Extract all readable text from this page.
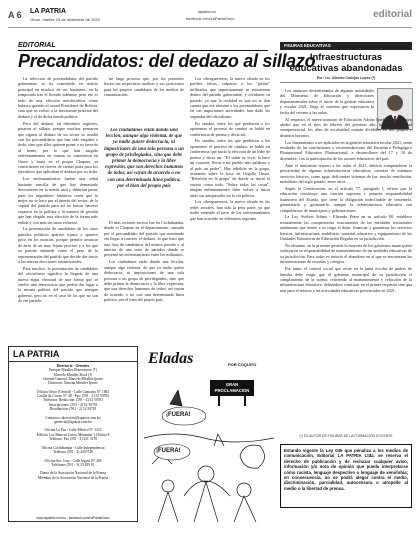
A 6 LA PATRIA
Oruro, martes 15 de diciembre de 2020
lapatria.bo
facebook.com/LaPatriaOruro	editorial
EDITORIAL
Precandidatos: del dedazo al sillazo

La selección de precandidatos del partido gobernante, se ha convertido en noticia principal en muchos de sus bastiones, en la temporada tras el llevado adelante, pero ese es todo de una elección meritocrática cómo hubiera querido el actual Presidente de Bolivia, sino que se volvió a la inexistente práctica del dedazo y el de dicha tienda política.

Pero del dedazo, en diferentes regiones, pasaron al sillazo, porque muchos pensaron que siguen al dedazo de un sector se acudió con los precandidatos que han sido elegidos a dedo, sino que ellos quieren poner a su favorito al frente, por lo que han surgido enfrentamientos en cuanto se conocieron en Oruro y hasta en el propio Chapare, se convirtieron en cierres de ciertas pista para los ejecutivos que aplicaban el dedazo por su ficha.

Los enfrentamientos fueron una señal bastante sencilla de que hay demasiado descontento en la tienda azul y deberían pasar, pues los seguidores fanáticos creen que lo mejor no se hace por el interés del sector, de la capital del partido para así no buscar hacerse espacios en la política y la manera de gestión que han elegido esta elección de la forma más reñida y con más sin tanto esfuerzo.

La presentación de candidatos de los otros partidos políticos aparece trunca y aparece poco en los noticias, porque permite arrancar de atrás de un muy lejano proceso y a los que su partido entiende como el peso de la representación del partido que decide dar inicio a las nuevas elecciones subnacionales.

Para muchos, la presentación de candidatos del oficialismo significa la llegada de una nueva etapa electoral de una forma que se vuelve una democracia que podría dar lugar a la misma política del partido que siempre gobernó, pero no en el caso de los que no son de ese partido.

un largo proceso que, por los presentes hacen sus respectivos análisis y sus posiciones para los propios candidatos de los medios de comunicación.

Los ciudadanos están dando una lección, aunque algo violenta, de que ya nadie quiere dedocracia, ni imposiciones de una sola persona o un grupo de privilegiados, sino que debe primar la democracia y la libre expresión, que son derechos humanos de todos, así vayan de acuerdo o no con una determinada línea política, por el bien del propio país

El más reciente suceso fue en Cochabamba, donde el Chapare en el departamento, causado por el precandidato del partido que nominado sin llegar a conocer el dedazo, lo que hizo que una lista de candidatos del mismo partido y al interior de una serie de partidos donde se presentó un enfrentamiento entre los militantes.

Los ciudadanos están dando una lección, aunque algo violenta, de que ya nadie quiere dedocracia, ni imposiciones de una sola persona o un grupo de privilegiados, sino que debe primar la democracia y la libre expresión, que son derechos humanos de todos, así vayan de acuerdo o no con una determinada línea política, por el bien del propio país.

Los ciberguerreros, la nueva oleada en los perfiles falsos, culparon a los "pititas" infiltrados que supuestamente se encuentran dentro del partido gobernante, y olvidaron su pasado, ya que la realidad es que no se dan cuenta que ese término a los precandidatos que en sus importantes actividades han dado las segundas del oficialismo.

En cambio, entre los que perdieron a los oponentes el proceso de cambio se habló en conferencia de prensa y decía así.

En cambio, entre los que perdieron a los oponentes el proceso de cambio, se habló en conferencia que hacía la elección de un líder de prensa y decía así: "El soñar es vivir, la hace mi corazón, llevar a mi pueblo mis palabras y al país un poder". Hay rebelión en la grupa, acusando sobre la base de Orgullo Oruro, "Rebelión en la grupa" de donde se inició el suceso como todo, "Sobre todas las cosas", ningún enfrentamiento debe volver a mirar atrás sus antepasados en la vía política.

Los ciberguerreros, la nueva oleada en las redes sociales, han sido la peor parte, ya que nadie entiende el peso de los enfrentamientos que han ocurrido en diferentes regiones.

FIGURAS EDUCATIVAS
Infraestructuras educativas abandonadas
Por: Lic. Alberto Callejas López (*)

Los anuncios desenfrenados de algunas autoridades del Ministerio de Educación y direcciones departamentales sobre el inicio de la gestión educativa y escolar 2021, llega al extremo que expresaron la fecha del retorno a las aulas.

Al respecto, el nuevo ministro de Educación Adrián Quelca Tarqui, quien aludió que en el mes de febrero del próximo año, hay la posibilidad semipresencial, los años de escolaridad estarán divididos en dos grupos y distintos horarios.

Los lineamientos a ser aplicados en la gestión educativa escolar 2021, serán resultado de las conclusiones y recomendaciones del Encuentro Pedagógico Plurinacional Educativo Plurinacional, a desarrollarse del 17 y 18 de diciembre, con la participación de los actores educativos del país.

Ante el inminente retorno a las aulas el 2021, debería comprenderse la precariedad de algunas infraestructuras educativas, carentes de mínimos servicios básicos, como agua, deficientes sistemas de luz, mucha ventilación, mobiliario del siglo pasado, entre otros.

Según la Constitución, en el artículo 77, parágrafo I, refiere que la educación constituye una función suprema y primera responsabilidad financiera del Estado, que tiene la obligación indeclinable de sostenerla, garantizarla y gestionarla, aunque la infraestructura educativa son competencias de municipios y gobernaciones.

La Ley Avelino Siñani - Elizardo Pérez en su artículo 80, establece textualmente las competencias concurrentes de las entidades territoriales autónomas que tienen a su cargo el dotar, financiar y garantizar los servicios básicos, infraestructura, mobiliario, material educativo y equipamiento de las Unidades Educativas de Educación Regular en su jurisdicción.

No obstante, en la presente gestión la mayoría de los gobiernos municipales soslayaron su responsabilidad de mantenimiento de las unidades educativas de su jurisdicción. Para todos es notorio el abandono en el que se encuentran las infraestructuras de escuelas y colegios.

Por tanto, el control social que recae en la junta escolar de padres de familia debe exigir que el gobierno municipal de su jurisdicción el cumplimiento de la norma, refiriendo al mantenimiento y refacción de la infraestructura educativa, debiéndose constituir en el primer requisito sine qua non para el retorno a las actividades educativas presenciales en 2021.

(*) ES AUTOR DE FIGURAS DE LA FORMACIÓN DOCENTE
Estando vigente la Ley 045 que penaliza a los medios de comunicación, Editorial LA PATRIA Ltda. se reserva el derecho de publicación y de rechazar cualquier aviso, información y/o nota de opinión que pueda interpretarse como racista, lenguaje despectivo o lenguaje de xenofobia; en consecuencia, no se podrá alegar contra el medio, discriminación, parcialidad, autocensura o atropello al medio o la libertad de prensa.
LA PATRIA
Directorio - Gerentes
Enrique Miralles Bonecarrere (†)
Marcelo Miralles Bová (†)
Gerente General: Marcelo Miralles Iporre
Directora: Ximena Miralles Iporre

Oficina Oruro (Central) - Calle Camacho N° 1892
Casilla de Correo N° 48 - Fax: (591 - 2) 52 50782
Teléfonos: Redacción: (591 - 2) 52 50781
Suscripciones: (591 - 2) 52 50781
Distribución: (591 - 2) 52 50781

Contactos: direccion@lapatria.com.bo
gerencia@lapatria.com.bo

Oficina La Paz - Calle México N° 1433
Edificio Los Blancos Lirios, Mezanine 1 Oficina 8
Teléfono: Fax (591 - 2) 231 3378

Oficina Cochabamba - Calle Independencia
Teléfono (591 - 4) 4455728

Oficina Sta. Cruz - Calle Ingavi N° 268
Teléfonos (591 - 3) 33 489 91

Diario de la Asociación Nacional de la Prensa
Miembro de la Asociación Nacional de la Prensa
www.lapatria.com.bo - facebook.com/LaPatriaOruro
Eladas	POR COQUITO
GRAN PROCLAMACION
¡FUERA!
¡FUERA!
